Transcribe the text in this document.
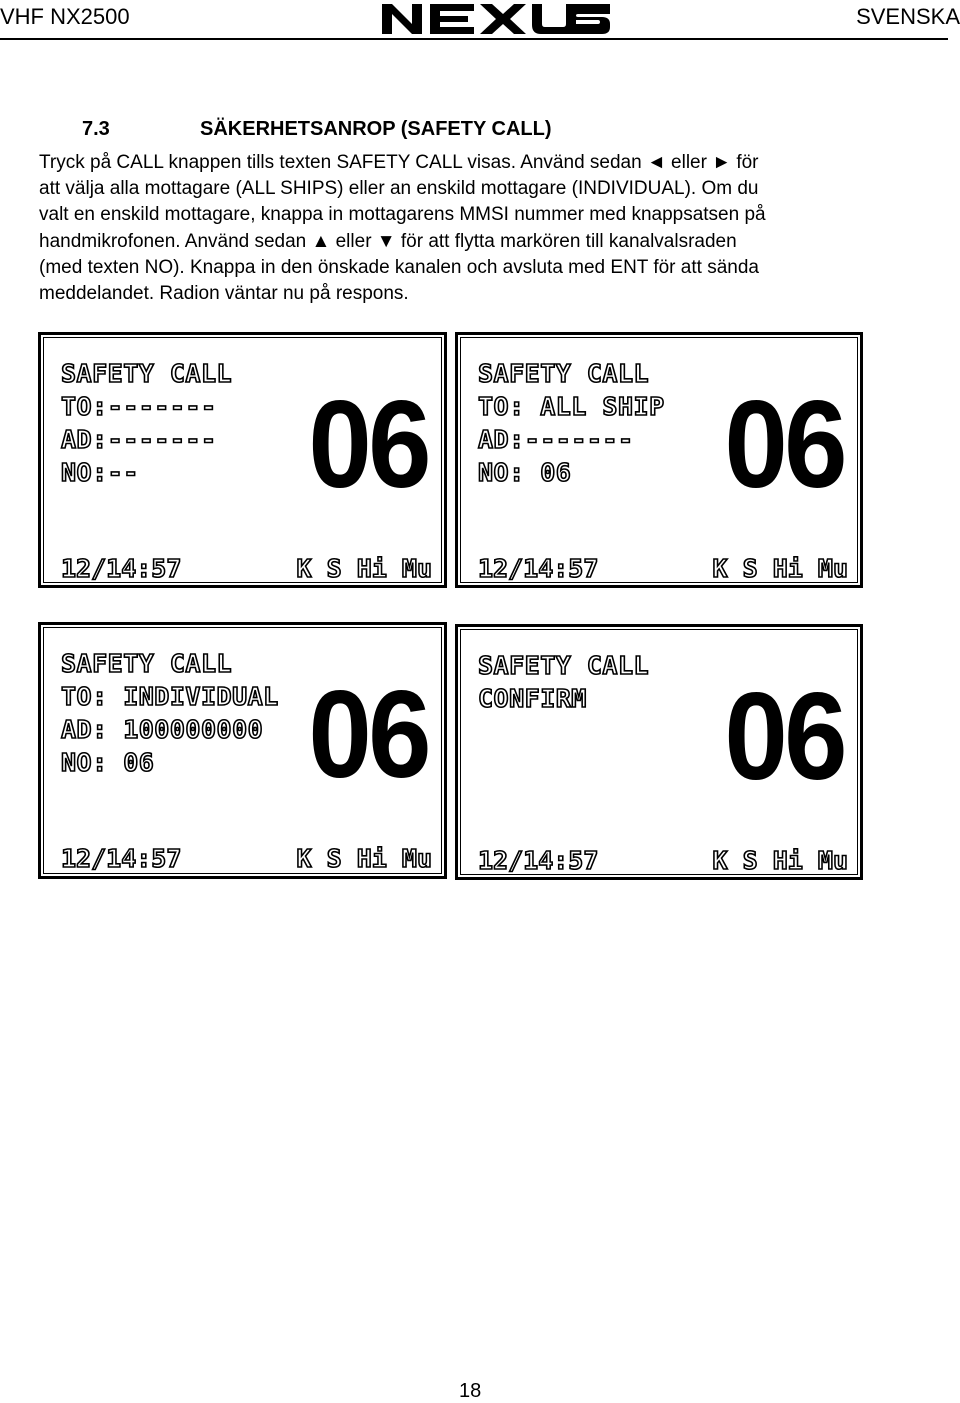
VHF NX2500	SVENSKA
7.3	SÄKERHETSANROP (SAFETY CALL)
Tryck på CALL knappen tills texten SAFETY CALL visas. Använd sedan ◄ eller ► för
att välja alla mottagare (ALL SHIPS) eller an enskild mottagare (INDIVIDUAL). Om du
valt en enskild mottagare, knappa in mottagarens MMSI nummer med knappsatsen på
handmikrofonen. Använd sedan ▲ eller ▼ för att flytta markören till kanalvalsraden
(med texten NO). Knappa in den önskade kanalen och avsluta med ENT för att sända
meddelandet. Radion väntar nu på respons.
SAFETY CALL
TO:-------
AD:-------
NO:-- 06
12/14:57	K S Hi Mu
SAFETY CALL
TO: ALL SHIP
AD:-------
NO: 06 06
12/14:57	K S Hi Mu
SAFETY CALL
TO: INDIVIDUAL
AD: 100000000
NO: 06 06
12/14:57	K S Hi Mu
SAFETY CALL
CONFIRM 06
12/14:57	K S Hi Mu
18
